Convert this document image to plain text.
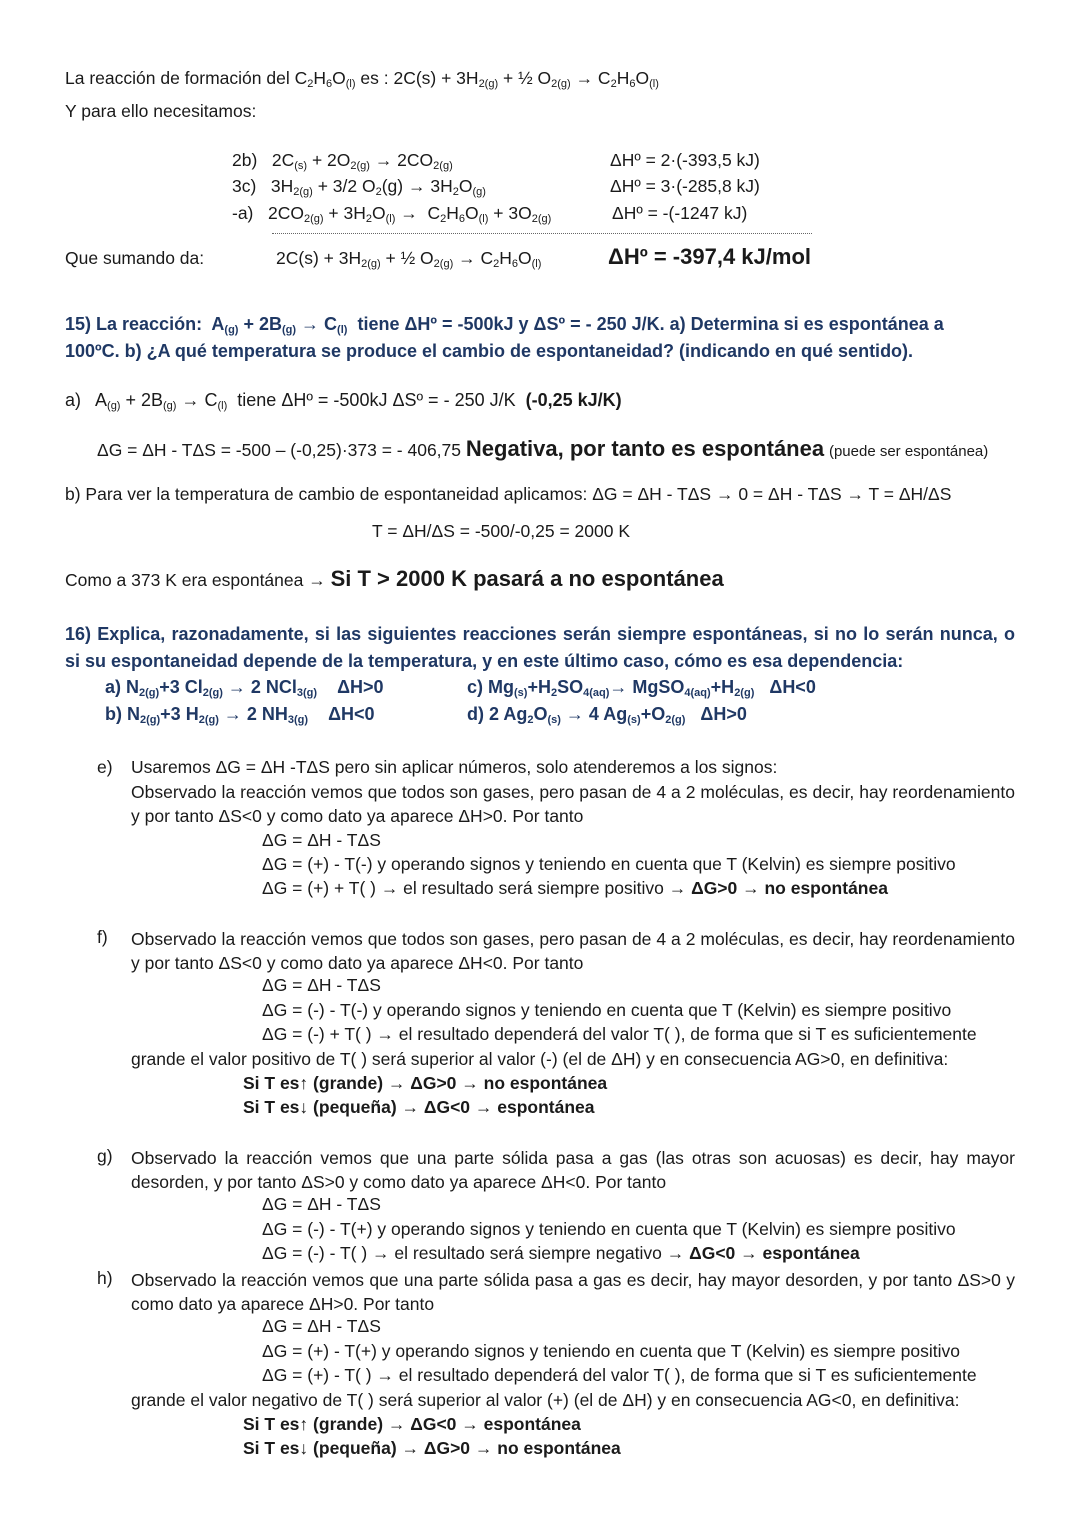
La reacción de formación del $C_2H_6O_{(l)}$ es : $2C(s) + 3H_{2(g)}$ + ½ $O_{2(g)} \to C_2H_6O_{(l)}$
Y para ello necesitamos:
2b)   $2C_{(s)} + 2O_{2(g)} \to 2CO_{2(g)}$	ΔHº = 2·(-393,5 kJ)
3c)   $3H_{2(g)} + 3/2$ $O_2(g) \to 3H_2O_{(g)}$	ΔHº = 3·(-285,8 kJ)
-a)   $2CO_{2(g)} + 3H_2O_{(l)} \to C_2H_6O_{(l)} + 3O_{2(g)}$	ΔHº = -(-1247 kJ)
Que sumando da:	$2C(s) + 3H_{2(g)}$ + ½ $O_{2(g)} \to C_2H_6O_{(l)}$	ΔHº = -397,4 kJ/mol
15) La reacción:  $A_{(g)} + 2B_{(g)} \to C_{(l)}$ tiene ΔHº = -500kJ y ΔSº = - 250 J/K. a) Determina si es espontánea a
100ºC. b) ¿A qué temperatura se produce el cambio de espontaneidad? (indicando en qué sentido).
a)   $A_{(g)} + 2B_{(g)} \to C_{(l)}$ tiene ΔHº = -500kJ ΔSº = - 250 J/K (-0,25 kJ/K)
ΔG = ΔH - TΔS = -500 – (-0,25)·373 = - 406,75 Negativa, por tanto es espontánea (puede ser espontánea)
b) Para ver la temperatura de cambio de espontaneidad aplicamos: ΔG = ΔH - TΔS → 0 = ΔH - TΔS → T = ΔH/ΔS
T = ΔH/ΔS = -500/-0,25 = 2000 K
Como a 373 K era espontánea → Si T > 2000 K pasará a no espontánea
16) Explica, razonadamente, si las siguientes reacciones serán siempre espontáneas, si no lo serán nunca, o si su espontaneidad depende de la temperatura, y en este último caso, cómo es esa dependencia:
a) $N_{2(g)}+3$ $Cl_{2(g)} \to 2$ NCl$_{3(g)}$ ΔH>0	c) $Mg_{(s)}+H_2SO_{4(aq)}\to$ $MgSO_{4(aq)}+H_{2(g)}$ ΔH<0
b) $N_{2(g)}+3$ $H_{2(g)} \to 2$ $NH_{3(g)}$ ΔH<0	d) 2 $Ag_2O_{(s)} \to 4$ $Ag_{(s)}+O_{2(g)}$ ΔH>0
e) Usaremos ΔG = ΔH -TΔS pero sin aplicar números, solo atenderemos a los signos:
Observado la reacción vemos que todos son gases, pero pasan de 4 a 2 moléculas, es decir, hay reordenamiento y por tanto ΔS<0 y como dato ya aparece ΔH>0. Por tanto
ΔG = ΔH - TΔS
ΔG = (+) - T(-) y operando signos y teniendo en cuenta que T (Kelvin) es siempre positivo
ΔG = (+) + T( ) → el resultado será siempre positivo → ΔG>0 → no espontánea
f) Observado la reacción vemos que todos son gases, pero pasan de 4 a 2 moléculas, es decir, hay reordenamiento y por tanto ΔS<0 y como dato ya aparece ΔH<0. Por tanto
ΔG = ΔH - TΔS
ΔG = (-) - T(-) y operando signos y teniendo en cuenta que T (Kelvin) es siempre positivo
ΔG = (-) + T( ) → el resultado dependerá del valor T( ), de forma que si T es suficientemente
grande el valor positivo de T( ) será superior al valor (-) (el de ΔH) y en consecuencia AG>0, en definitiva:
Si T es↑ (grande) → ΔG>0 → no espontánea
Si T es↓ (pequeña) → ΔG<0 → espontánea
g) Observado la reacción vemos que una parte sólida pasa a gas (las otras son acuosas) es decir, hay mayor desorden, y por tanto ΔS>0 y como dato ya aparece ΔH<0. Por tanto
ΔG = ΔH - TΔS
ΔG = (-) - T(+) y operando signos y teniendo en cuenta que T (Kelvin) es siempre positivo
ΔG = (-) - T( ) → el resultado será siempre negativo → ΔG<0 → espontánea
h) Observado la reacción vemos que una parte sólida pasa a gas es decir, hay mayor desorden, y por tanto ΔS>0 y como dato ya aparece ΔH>0. Por tanto
ΔG = ΔH - TΔS
ΔG = (+) - T(+) y operando signos y teniendo en cuenta que T (Kelvin) es siempre positivo
ΔG = (+) - T( ) → el resultado dependerá del valor T( ), de forma que si T es suficientemente
grande el valor negativo de T( ) será superior al valor (+) (el de ΔH) y en consecuencia AG<0, en definitiva:
Si T es↑ (grande) → ΔG<0 → espontánea
Si T es↓ (pequeña) → ΔG>0 → no espontánea
